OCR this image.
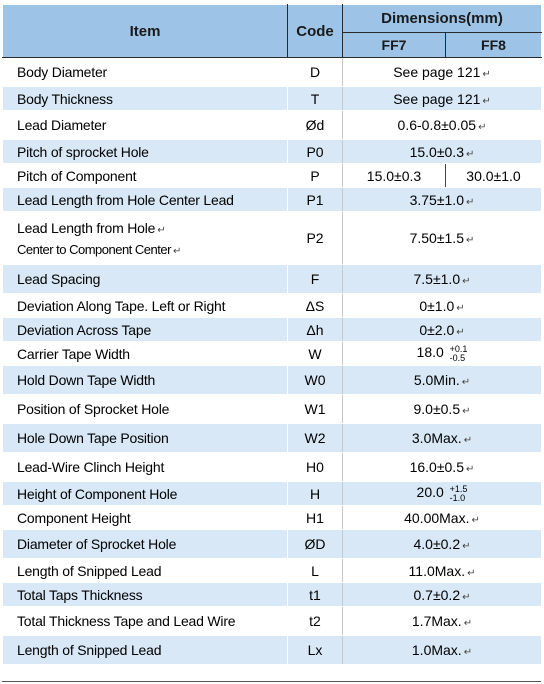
Item	Code	Dimensions(mm)	
		FF7	FF8
Body Diameter	D	See page 121 ↵	
Body Thickness	T	See page 121 ↵	
Lead Diameter	Ød	0.6-0.8±0.05 ↵	
Pitch of sprocket Hole	P0	15.0±0.3 ↵	
Pitch of Component	P	15.0±0.3	30.0±1.0
Lead Length from Hole Center Lead	P1	3.75±1.0 ↵	
Lead Length from Hole ↵
Center to Component Center ↵	P2	7.50±1.5 ↵	
Lead Spacing	F	7.5±1.0 ↵	
Deviation Along Tape. Left or Right	ΔS	0±1.0 ↵	
Deviation Across Tape	Δh	0±2.0 ↵	
Carrier Tape Width	W	18.0 +0.1
-0.5	
Hold Down Tape Width	W0	5.0Min. ↵	
Position of Sprocket Hole	W1	9.0±0.5 ↵	
Hole Down Tape Position	W2	3.0Max. ↵	
Lead-Wire Clinch Height	H0	16.0±0.5 ↵	
Height of Component Hole	H	20.0 +1.5
-1.0	
Component Height	H1	40.00Max. ↵	
Diameter of Sprocket Hole	ØD	4.0±0.2 ↵	
Length of Snipped Lead	L	11.0Max. ↵	
Total Taps Thickness	t1	0.7±0.2 ↵	
Total Thickness Tape and Lead Wire	t2	1.7Max. ↵	
Length of Snipped Lead	Lx	1.0Max. ↵	
